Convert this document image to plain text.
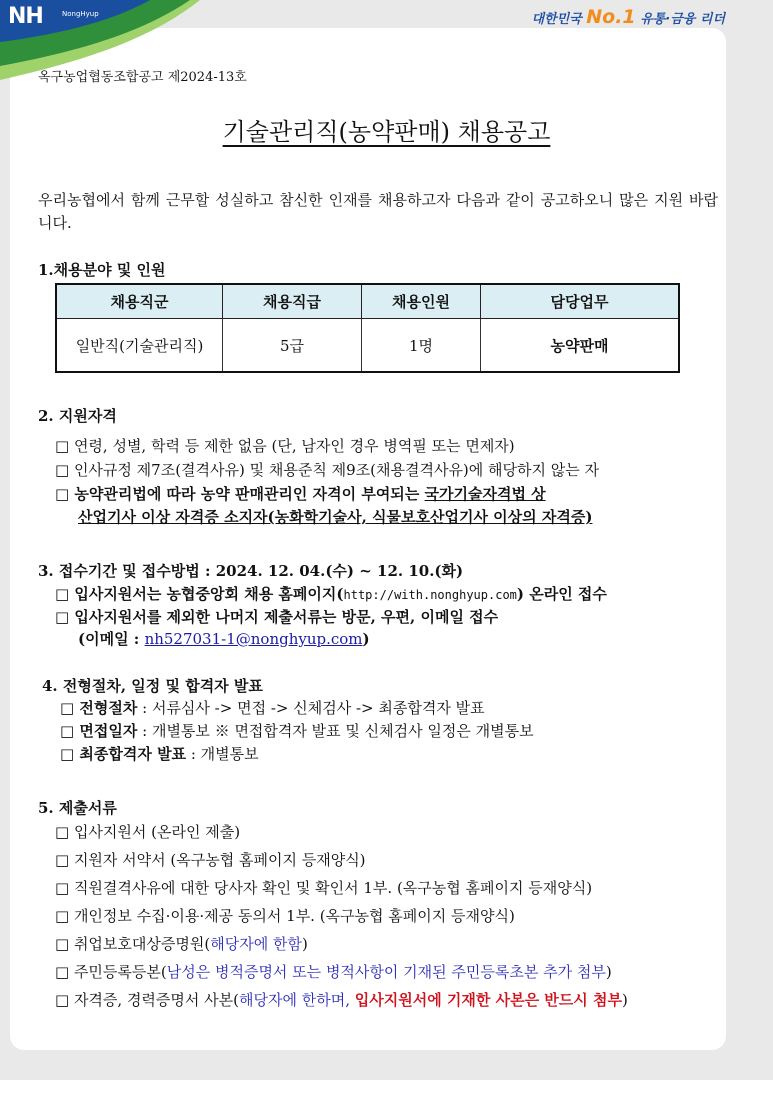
NH	NongHyup	대한민국 No.1 유통·금융 리더
옥구농업협동조합공고 제2024-13호
기술관리직(농약판매) 채용공고
우리농협에서 함께 근무할 성실하고 참신한 인재를 채용하고자 다음과 같이 공고하오니 많은 지원 바랍니다.
1.채용분야 및 인원
채용직군	채용직급	채용인원	담당업무
일반직(기술관리직)	5급	1명	농약판매
2. 지원자격
□ 연령, 성별, 학력 등 제한 없음 (단, 남자인 경우 병역필 또는 면제자)
□ 인사규정 제7조(결격사유) 및 채용준칙 제9조(채용결격사유)에 해당하지 않는 자
□ 농약관리법에 따라 농약 판매관리인 자격이 부여되는 국가기술자격법 상
산업기사 이상 자격증 소지자(농화학기술사, 식물보호산업기사 이상의 자격증)
3. 접수기간 및 접수방법 : 2024. 12. 04.(수) ~ 12. 10.(화)
□ 입사지원서는 농협중앙회 채용 홈페이지(http://with.nonghyup.com) 온라인 접수
□ 입사지원서를 제외한 나머지 제출서류는 방문, 우편, 이메일 접수
(이메일 : nh527031-1@nonghyup.com)
4. 전형절차, 일정 및 합격자 발표
□ 전형절차 : 서류심사 -> 면접 -> 신체검사 -> 최종합격자 발표
□ 면접일자 : 개별통보 ※ 면접합격자 발표 및 신체검사 일정은 개별통보
□ 최종합격자 발표 : 개별통보
5. 제출서류
□ 입사지원서 (온라인 제출)
□ 지원자 서약서 (옥구농협 홈페이지 등재양식)
□ 직원결격사유에 대한 당사자 확인 및 확인서 1부. (옥구농협 홈페이지 등재양식)
□ 개인정보 수집·이용·제공 동의서 1부. (옥구농협 홈페이지 등재양식)
□ 취업보호대상증명원(해당자에 한함)
□ 주민등록등본(남성은 병적증명서 또는 병적사항이 기재된 주민등록초본 추가 첨부)
□ 자격증, 경력증명서 사본(해당자에 한하며, 입사지원서에 기재한 사본은 반드시 첨부)
